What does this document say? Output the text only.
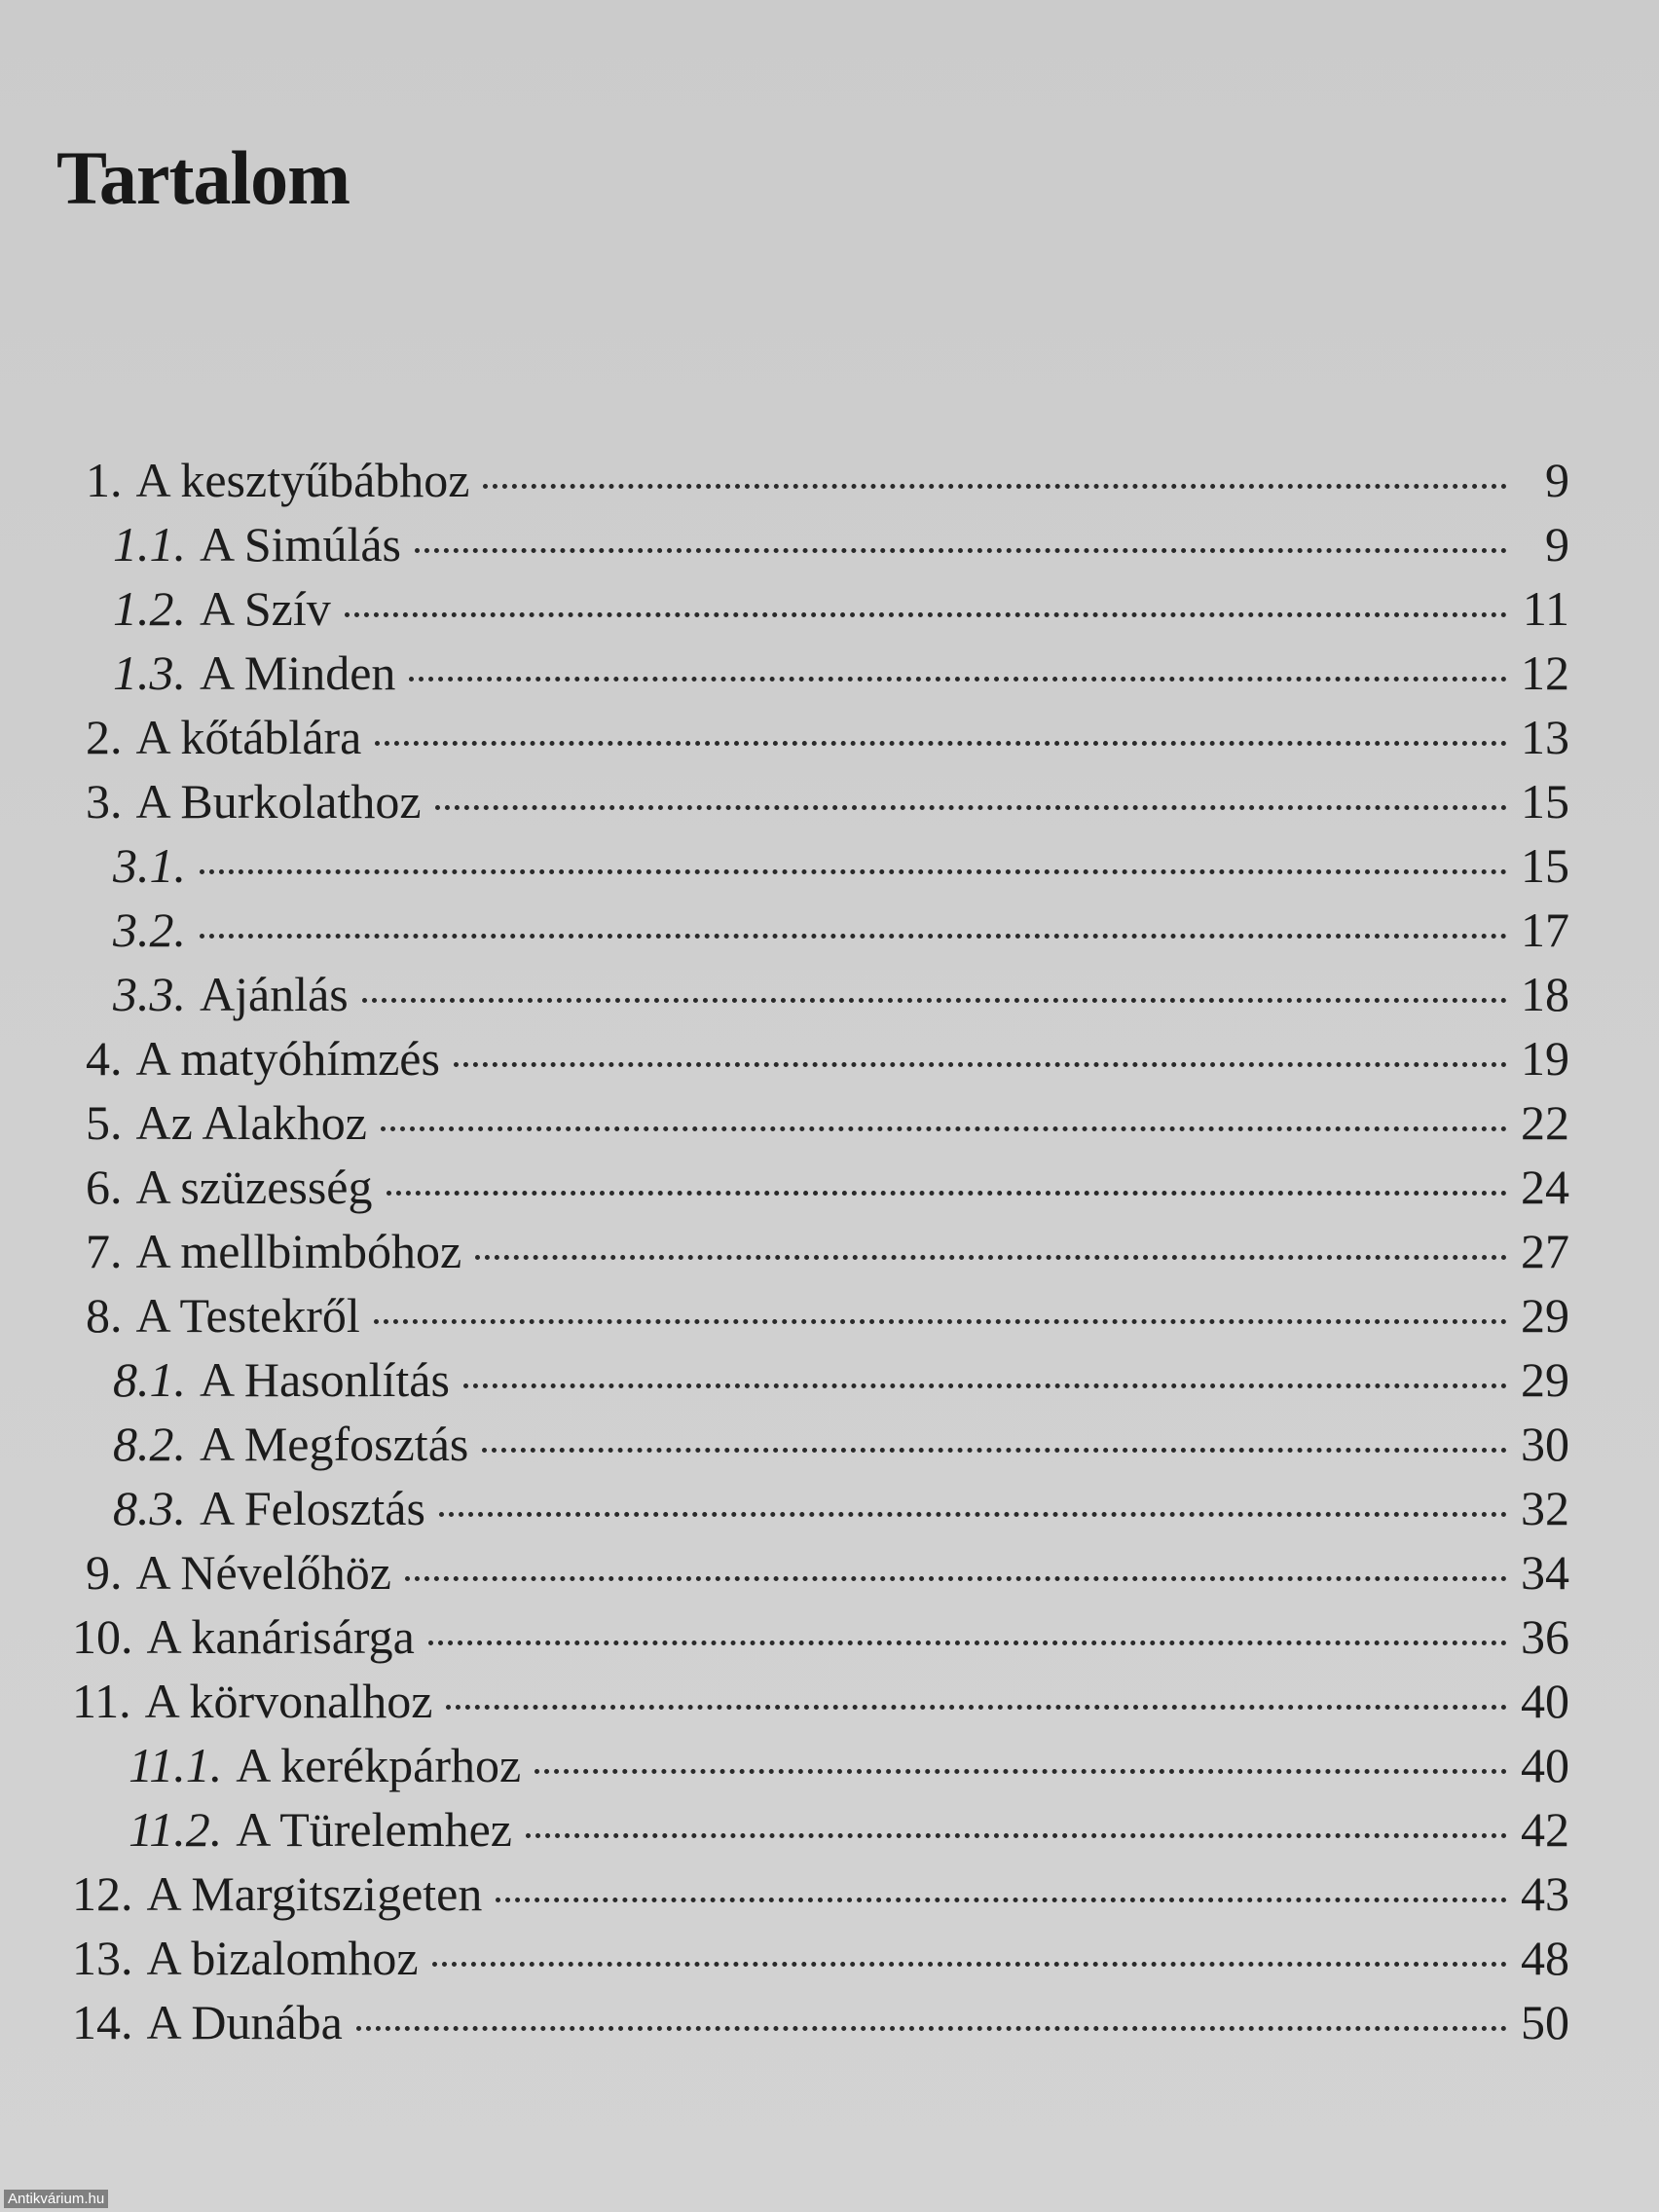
Tartalom
1. A kesztyűbábhoz	9
1.1. A Simúlás	9
1.2. A Szív	11
1.3. A Minden	12
2. A kőtáblára	13
3. A Burkolathoz	15
3.1.	15
3.2.	17
3.3. Ajánlás	18
4. A matyóhímzés	19
5. Az Alakhoz	22
6. A szüzesség	24
7. A mellbimbóhoz	27
8. A Testekről	29
8.1. A Hasonlítás	29
8.2. A Megfosztás	30
8.3. A Felosztás	32
9. A Névelőhöz	34
10. A kanárisárga	36
11. A körvonalhoz	40
11.1. A kerékpárhoz	40
11.2. A Türelemhez	42
12. A Margitszigeten	43
13. A bizalomhoz	48
14. A Dunába	50
Antikvárium.hu
